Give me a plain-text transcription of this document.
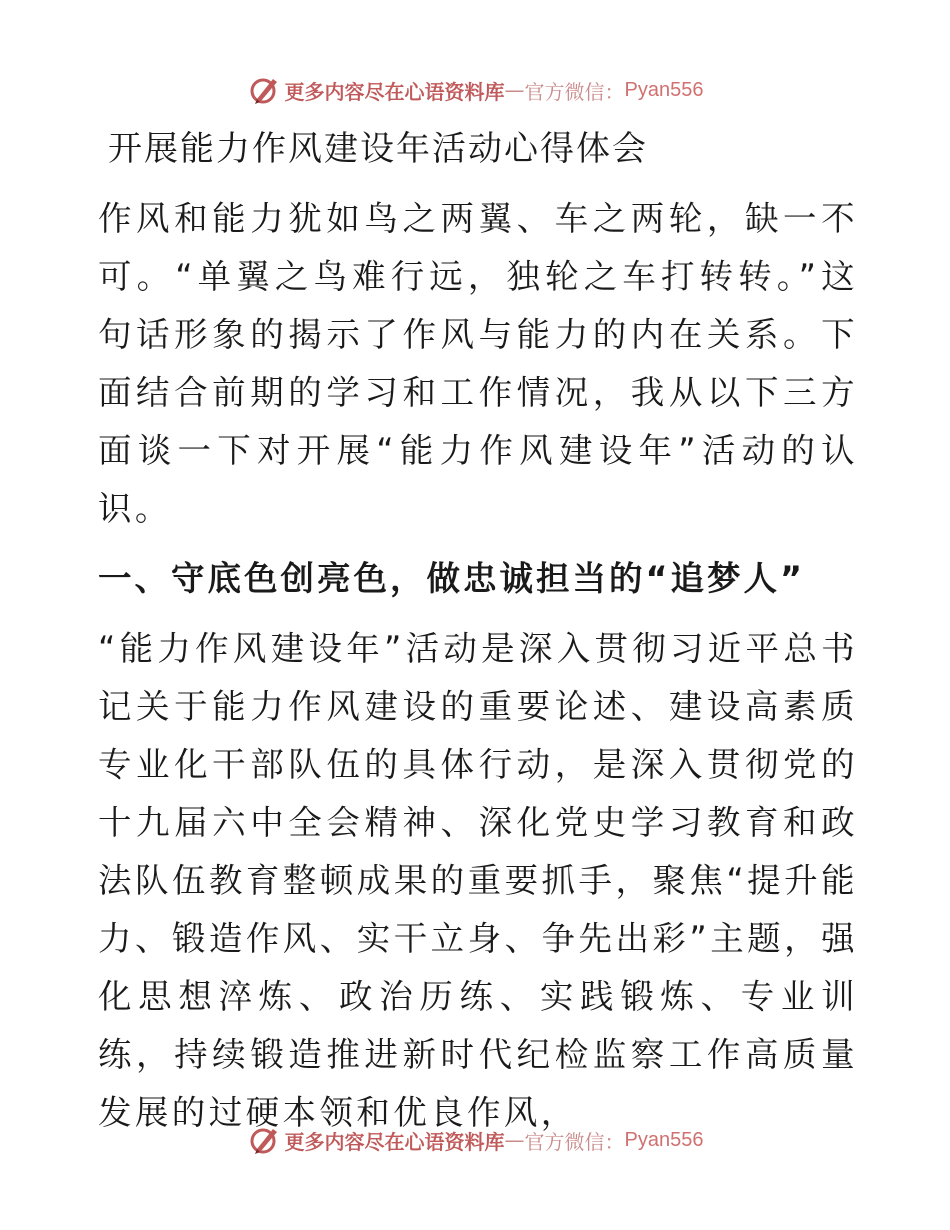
更多内容尽在心语资料库 — 官方微信： Pyan556
开展能力作风建设年活动心得体会

作风和能力犹如鸟之两翼、车之两轮，缺一不可。“单翼之鸟难行远，独轮之车打转转。”这句话形象的揭示了作风与能力的内在关系。下面结合前期的学习和工作情况，我从以下三方面谈一下对开展“能力作风建设年”活动的认识。

一、守底色创亮色，做忠诚担当的“追梦人”

“能力作风建设年”活动是深入贯彻习近平总书记关于能力作风建设的重要论述、建设高素质专业化干部队伍的具体行动，是深入贯彻党的十九届六中全会精神、深化党史学习教育和政法队伍教育整顿成果的重要抓手，聚焦“提升能力、锻造作风、实干立身、争先出彩”主题，强化思想淬炼、政治历练、实践锻炼、专业训练，持续锻造推进新时代纪检监察工作高质量发展的过硬本领和优良作风，

更多内容尽在心语资料库 — 官方微信： Pyan556
